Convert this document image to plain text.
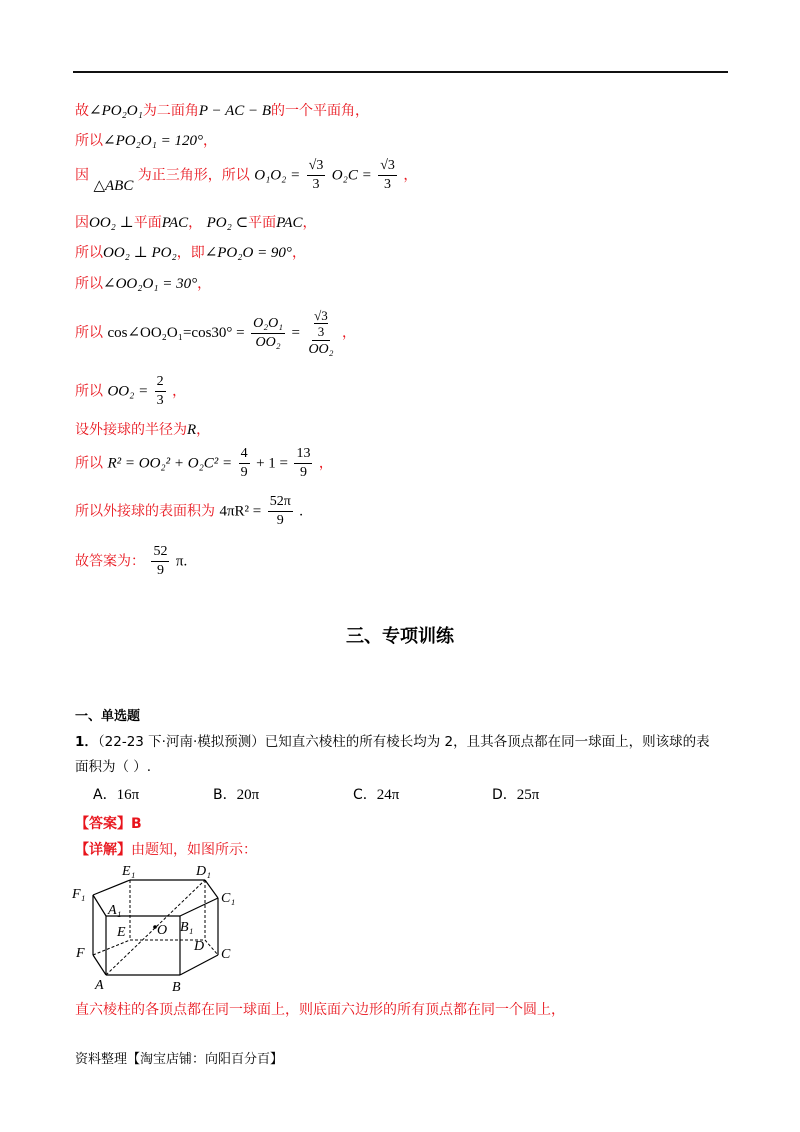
故∠PO₂O₁为二面角P − AC − B的一个平面角，
所以∠PO₂O₁ = 120°，
因 △ABC 为正三角形，所以 $O_1O_2 = \frac{√3}{3} O_2C = \frac{√3}{3}$ ，
因OO₂ ⊥平面PAC， PO₂ ⊂平面PAC，
所以OO₂ ⊥ PO₂，即∠PO₂O = 90°，
所以∠OO₂O₁ = 30°，
所以 cos∠OO₂O₁=cos30° = $\frac{\text{O₂O₁}}{\text{OO₂}} = \frac{\frac{√3}{3}}{\text{OO₂}}$ ，
所以 $OO_2 = \frac{2}{3}$ ，
设外接球的半径为R，
所以 $R^2 = OO_2^2 + O_2C^2 = \frac{4}{9} + 1 = \frac{13}{9}$ ，
所以外接球的表面积为 $4\pi R^2 = \frac{52\pi}{9}$ .
故答案为： $\frac{52}{9} \pi$.
三、专项训练
一、单选题
1．（22-23 下·河南·模拟预测）已知直六棱柱的所有棱长均为 2，且其各顶点都在同一球面上，则该球的表
面积为（ ）.
A．16π	B．20π	C．24π	D．25π
【答案】B
【详解】由题知，如图所示：
E₁	D₁
F₁	C₁
A₁
E O B₁
D
F	C
A	B
直六棱柱的各顶点都在同一球面上，则底面六边形的所有顶点都在同一个圆上，
资料整理【淘宝店铺：向阳百分百】
